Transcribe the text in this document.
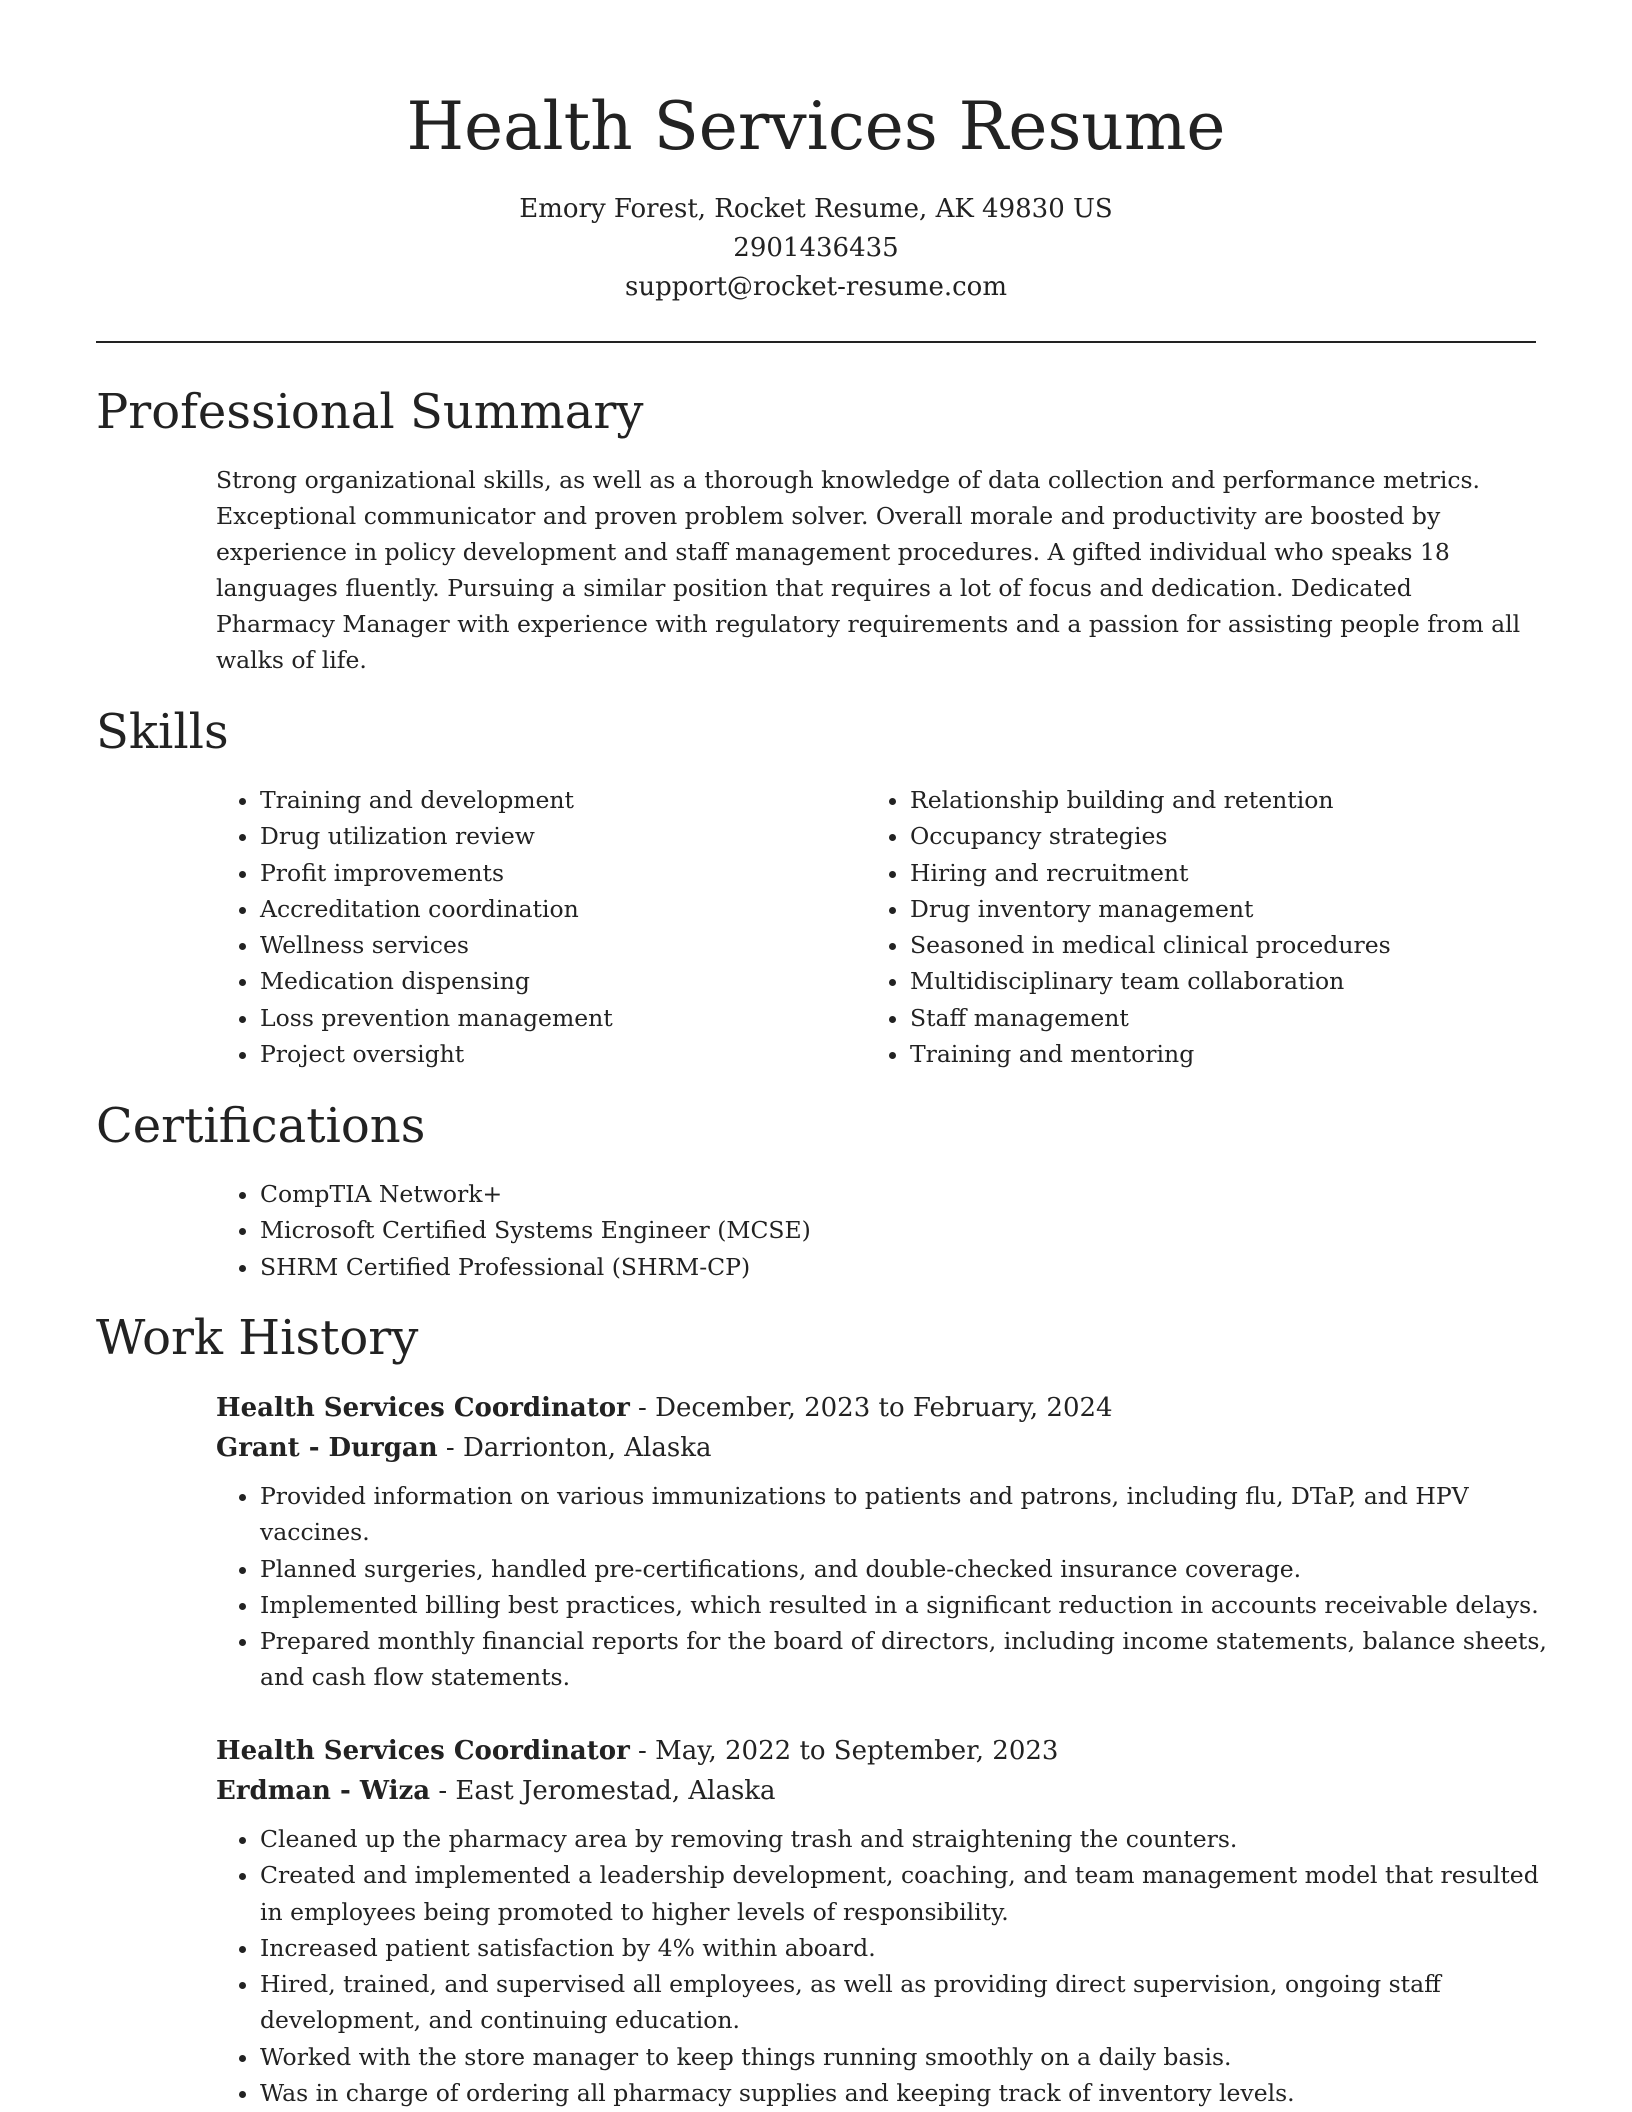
Health Services Resume
Emory Forest, Rocket Resume, AK 49830 US
2901436435
support@rocket-resume.com
Professional Summary

Strong organizational skills, as well as a thorough knowledge of data collection and performance metrics. Exceptional communicator and proven problem solver. Overall morale and productivity are boosted by experience in policy development and staff management procedures. A gifted individual who speaks 18 languages fluently. Pursuing a similar position that requires a lot of focus and dedication. Dedicated Pharmacy Manager with experience with regulatory requirements and a passion for assisting people from all walks of life.

Skills
• Training and development
• Drug utilization review
• Profit improvements
• Accreditation coordination
• Wellness services
• Medication dispensing
• Loss prevention management
• Project oversight
• Relationship building and retention
• Occupancy strategies
• Hiring and recruitment
• Drug inventory management
• Seasoned in medical clinical procedures
• Multidisciplinary team collaboration
• Staff management
• Training and mentoring
Certifications
• CompTIA Network+
• Microsoft Certified Systems Engineer (MCSE)
• SHRM Certified Professional (SHRM-CP)
Work History
Health Services Coordinator - December, 2023 to February, 2024
Grant - Durgan - Darrionton, Alaska
• Provided information on various immunizations to patients and patrons, including flu, DTaP, and HPV vaccines.
• Planned surgeries, handled pre-certifications, and double-checked insurance coverage.
• Implemented billing best practices, which resulted in a significant reduction in accounts receivable delays.
• Prepared monthly financial reports for the board of directors, including income statements, balance sheets, and cash flow statements.
Health Services Coordinator - May, 2022 to September, 2023
Erdman - Wiza - East Jeromestad, Alaska
• Cleaned up the pharmacy area by removing trash and straightening the counters.
• Created and implemented a leadership development, coaching, and team management model that resulted in employees being promoted to higher levels of responsibility.
• Increased patient satisfaction by 4% within aboard.
• Hired, trained, and supervised all employees, as well as providing direct supervision, ongoing staff development, and continuing education.
• Worked with the store manager to keep things running smoothly on a daily basis.
• Was in charge of ordering all pharmacy supplies and keeping track of inventory levels.
